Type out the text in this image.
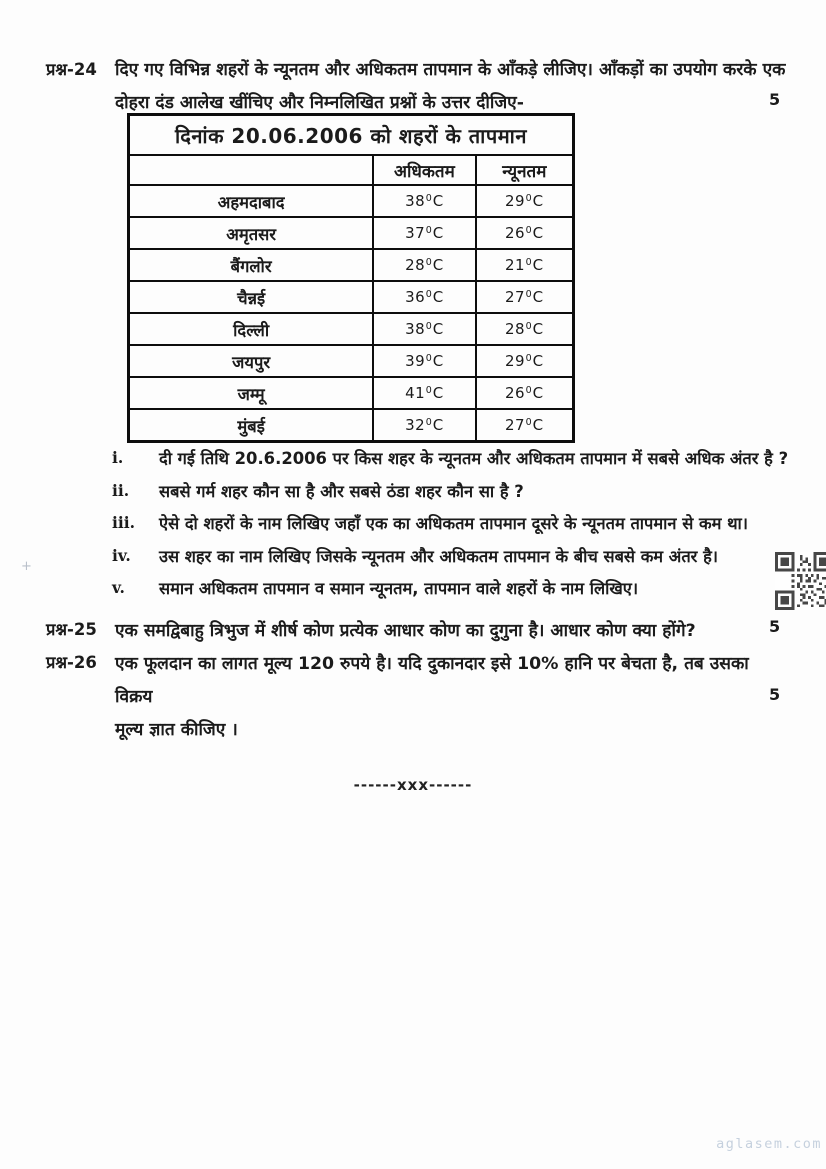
प्रश्न-24	दिए गए विभिन्न शहरों के न्यूनतम और अधिकतम तापमान के आँकड़े लीजिए। आँकड़ों का उपयोग करके एक
दोहरा दंड आलेख खींचिए और निम्नलिखित प्रश्नों के उत्तर दीजिए-	5
दिनांक 20.06.2006 को शहरों के तापमान		
	अधिकतम	न्यूनतम
अहमदाबाद	$38^0C$	$29^0C$
अमृतसर	$37^0C$	$26^0C$
बैंगलोर	$28^0C$	$21^0C$
चैन्नई	$36^0C$	$27^0C$
दिल्ली	$38^0C$	$28^0C$
जयपुर	$39^0C$	$29^0C$
जम्मू	$41^0C$	$26^0C$
मुंबई	$32^0C$	$27^0C$
i.	दी गई तिथि 20.6.2006 पर किस शहर के न्यूनतम और अधिकतम तापमान में सबसे अधिक अंतर है ?
ii.	सबसे गर्म शहर कौन सा है और सबसे ठंडा शहर कौन सा है ?
iii.	ऐसे दो शहरों के नाम लिखिए जहाँ एक का अधिकतम तापमान दूसरे के न्यूनतम तापमान से कम था।
iv.	उस शहर का नाम लिखिए जिसके न्यूनतम और अधिकतम तापमान के बीच सबसे कम अंतर है।
v.	समान अधिकतम तापमान व समान न्यूनतम, तापमान वाले शहरों के नाम लिखिए।
प्रश्न-25	एक समद्विबाहु त्रिभुज में शीर्ष कोण प्रत्येक आधार कोण का दुगुना है। आधार कोण क्या होंगे?	5
प्रश्न-26	एक फूलदान का लागत मूल्य 120 रुपये है। यदि दुकानदार इसे 10% हानि पर बेचता है, तब उसका विक्रय
मूल्य ज्ञात कीजिए ।
5
------xxx------
+
aglasem.com
